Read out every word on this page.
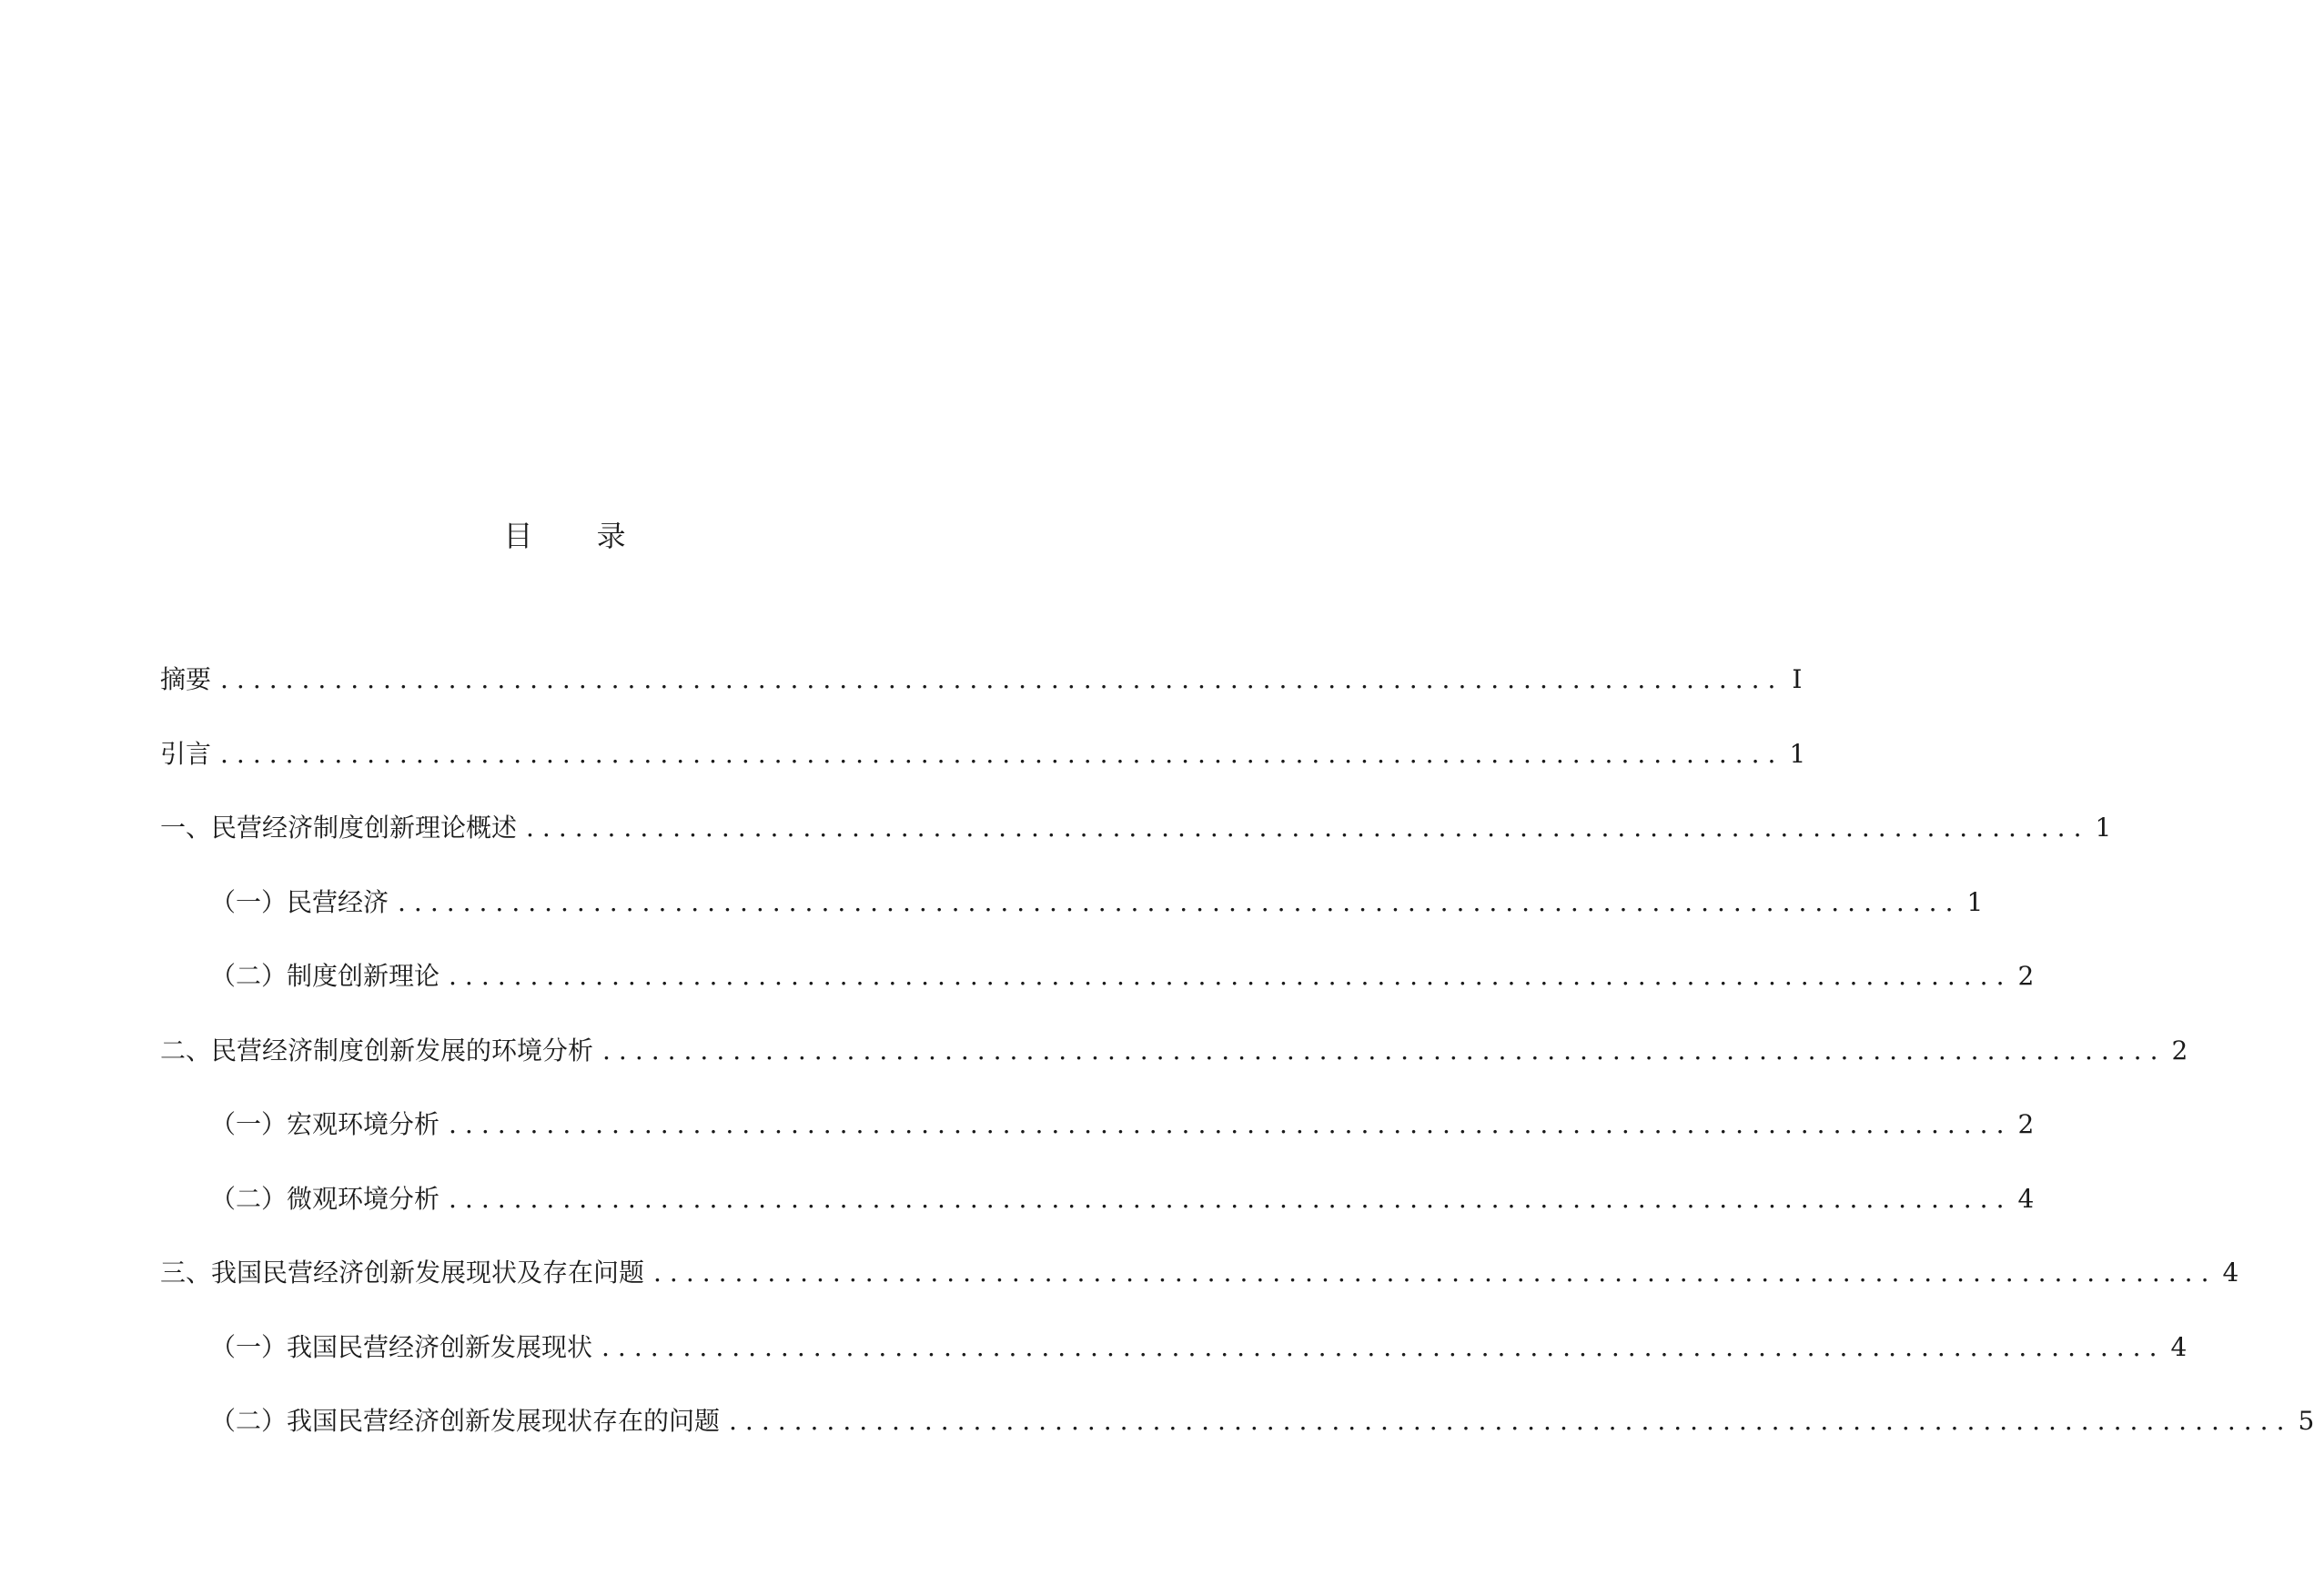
目 录
摘要 ................................................................................................ I
引言 ................................................................................................ 1
一、 民营经济制度创新理论概述 ................................................................................................ 1
（一） 民营经济 ................................................................................................ 1
（二） 制度创新理论 ................................................................................................ 2
二、 民营经济制度创新发展的环境分析 ................................................................................................ 2
（一） 宏观环境分析 ................................................................................................ 2
（二） 微观环境分析 ................................................................................................ 4
三、 我国民营经济创新发展现状及存在问题 ................................................................................................ 4
（一） 我国民营经济创新发展现状 ................................................................................................ 4
（二） 我国民营经济创新发展现状存在的问题 ................................................................................................ 5
